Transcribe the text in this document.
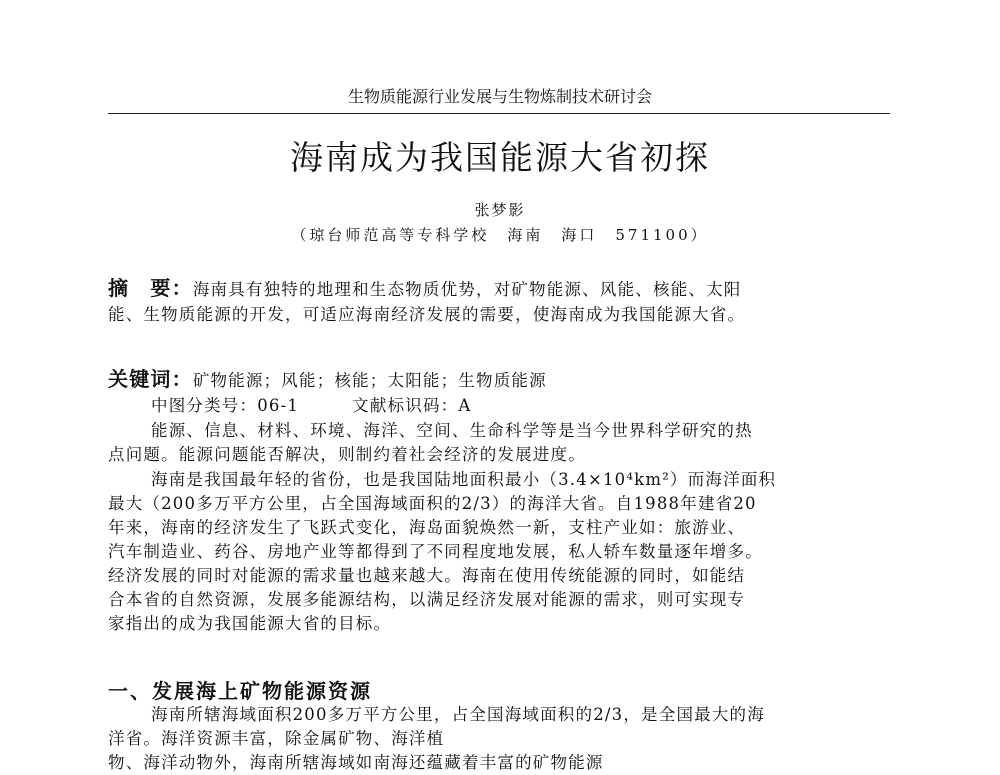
生物质能源行业发展与生物炼制技术研讨会
海南成为我国能源大省初探
张梦影
（琼台师范高等专科学校　海南　海口　571100）
摘　要：海南具有独特的地理和生态物质优势，对矿物能源、风能、核能、太阳
能、生物质能源的开发，可适应海南经济发展的需要，使海南成为我国能源大省。
关键词：矿物能源；风能；核能；太阳能；生物质能源
中图分类号：06-1　　　文献标识码：A
能源、信息、材料、环境、海洋、空间、生命科学等是当今世界科学研究的热
点问题。能源问题能否解决，则制约着社会经济的发展进度。
海南是我国最年轻的省份，也是我国陆地面积最小（3.4×10⁴km²）而海洋面积
最大（200多万平方公里，占全国海域面积的2/3）的海洋大省。自1988年建省20
年来，海南的经济发生了飞跃式变化，海岛面貌焕然一新，支柱产业如：旅游业、
汽车制造业、药谷、房地产业等都得到了不同程度地发展，私人轿车数量逐年增多。
经济发展的同时对能源的需求量也越来越大。海南在使用传统能源的同时，如能结
合本省的自然资源，发展多能源结构，以满足经济发展对能源的需求，则可实现专
家指出的成为我国能源大省的目标。
一、发展海上矿物能源资源
海南所辖海域面积200多万平方公里，占全国海域面积的2/3，是全国最大的海
洋省。海洋资源丰富，除金属矿物、海洋植
物、海洋动物外，海南所辖海域如南海还蕴藏着丰富的矿物能源
